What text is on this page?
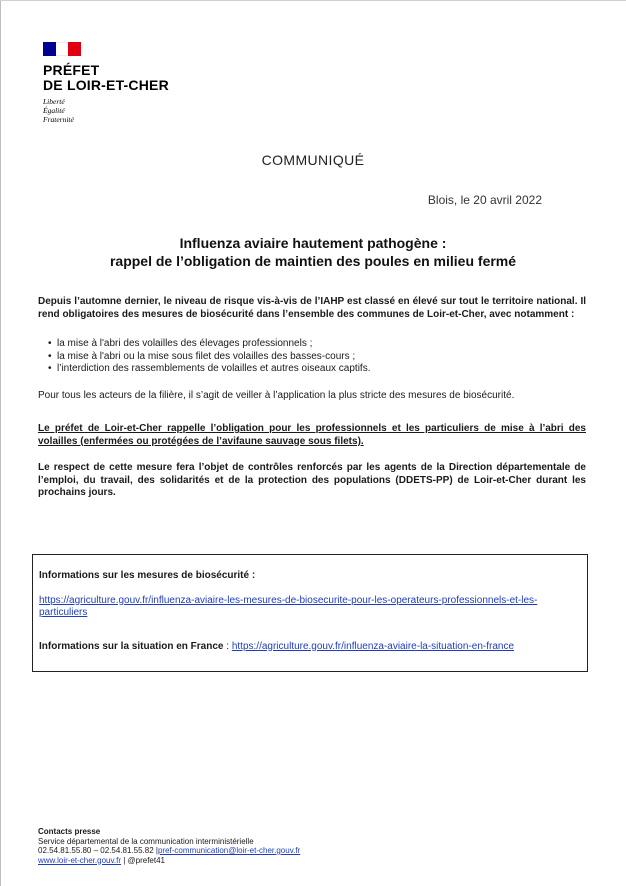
PRÉFET
DE LOIR-ET-CHER
Liberté
Égalité
Fraternité
COMMUNIQUÉ
Blois, le 20 avril 2022
Influenza aviaire hautement pathogène :
rappel de l’obligation de maintien des poules en milieu fermé

Depuis l’automne dernier, le niveau de risque vis-à-vis de l’IAHP est classé en élevé sur tout le territoire national. Il rend obligatoires des mesures de biosécurité dans l’ensemble des communes de Loir-et-Cher, avec notamment :

• la mise à l'abri des volailles des élevages professionnels ;
• la mise à l'abri ou la mise sous filet des volailles des basses-cours ;
• l’interdiction des rassemblements de volailles et autres oiseaux captifs.

Pour tous les acteurs de la filière, il s’agit de veiller à l’application la plus stricte des mesures de biosécurité.

Le préfet de Loir-et-Cher rappelle l’obligation pour les professionnels et les particuliers de mise à l’abri des volailles (enfermées ou protégées de l’avifaune sauvage sous filets).

Le respect de cette mesure fera l’objet de contrôles renforcés par les agents de la Direction départementale de l’emploi, du travail, des solidarités et de la protection des populations (DDETS-PP) de Loir-et-Cher durant les prochains jours.

Informations sur les mesures de biosécurité :
https://agriculture.gouv.fr/influenza-aviaire-les-mesures-de-biosecurite-pour-les-operateurs-professionnels-et-les-particuliers
Informations sur la situation en France : https://agriculture.gouv.fr/influenza-aviaire-la-situation-en-france
Contacts presse
Service départemental de la communication interministérielle
02.54.81.55.80 – 02.54.81.55.82 |pref-communication@loir-et-cher.gouv.fr
www.loir-et-cher.gouv.fr | @prefet41
